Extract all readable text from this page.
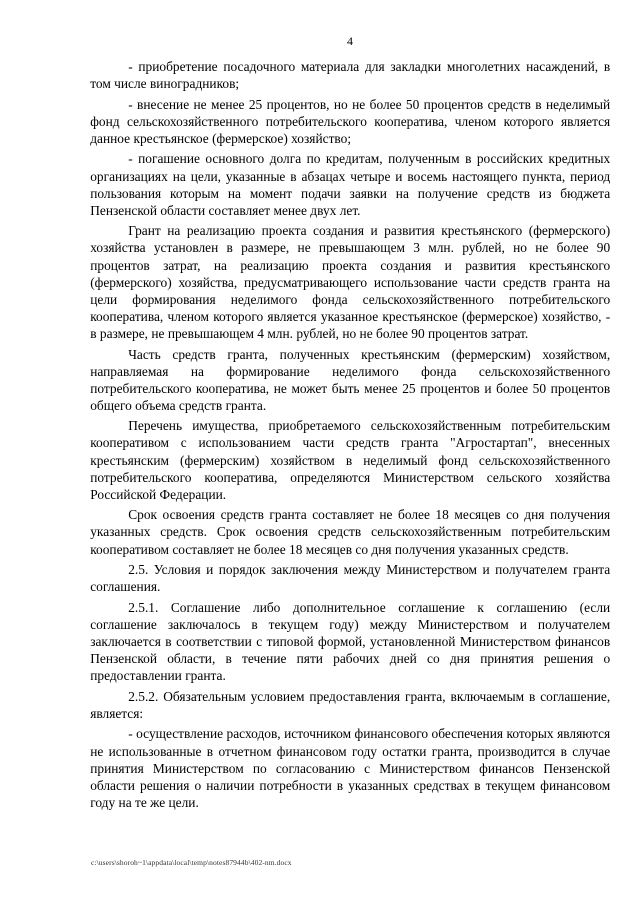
4

- приобретение посадочного материала для закладки многолетних насаждений, в том числе виноградников;

- внесение не менее 25 процентов, но не более 50 процентов средств в неделимый фонд сельскохозяйственного потребительского кооператива, членом которого является данное крестьянское (фермерское) хозяйство;

- погашение основного долга по кредитам, полученным в российских кредитных организациях на цели, указанные в абзацах четыре и восемь настоящего пункта, период пользования которым на момент подачи заявки на получение средств из бюджета Пензенской области составляет менее двух лет.

Грант на реализацию проекта создания и развития крестьянского (фермерского) хозяйства установлен в размере, не превышающем 3 млн. рублей, но не более 90 процентов затрат, на реализацию проекта создания и развития крестьянского (фермерского) хозяйства, предусматривающего использование части средств гранта на цели формирования неделимого фонда сельскохозяйственного потребительского кооператива, членом которого является указанное крестьянское (фермерское) хозяйство, - в размере, не превышающем 4 млн. рублей, но не более 90 процентов затрат.

Часть средств гранта, полученных крестьянским (фермерским) хозяйством, направляемая на формирование неделимого фонда сельскохозяйственного потребительского кооператива, не может быть менее 25 процентов и более 50 процентов общего объема средств гранта.

Перечень имущества, приобретаемого сельскохозяйственным потребительским кооперативом с использованием части средств гранта "Агростартап", внесенных крестьянским (фермерским) хозяйством в неделимый фонд сельскохозяйственного потребительского кооператива, определяются Министерством сельского хозяйства Российской Федерации.

Срок освоения средств гранта составляет не более 18 месяцев со дня получения указанных средств. Срок освоения средств сельскохозяйственным потребительским кооперативом составляет не более 18 месяцев со дня получения указанных средств.

2.5. Условия и порядок заключения между Министерством и получателем гранта соглашения.

2.5.1. Соглашение либо дополнительное соглашение к соглашению (если соглашение заключалось в текущем году) между Министерством и получателем заключается в соответствии с типовой формой, установленной Министерством финансов Пензенской области, в течение пяти рабочих дней со дня принятия решения о предоставлении гранта.

2.5.2. Обязательным условием предоставления гранта, включаемым в соглашение, является:

- осуществление расходов, источником финансового обеспечения которых являются не использованные в отчетном финансовом году остатки гранта, производится в случае принятия Министерством по согласованию с Министерством финансов Пензенской области решения о наличии потребности в указанных средствах в текущем финансовом году на те же цели.

c:\users\shoroh~1\appdata\local\temp\notes87944b\402-nm.docx
